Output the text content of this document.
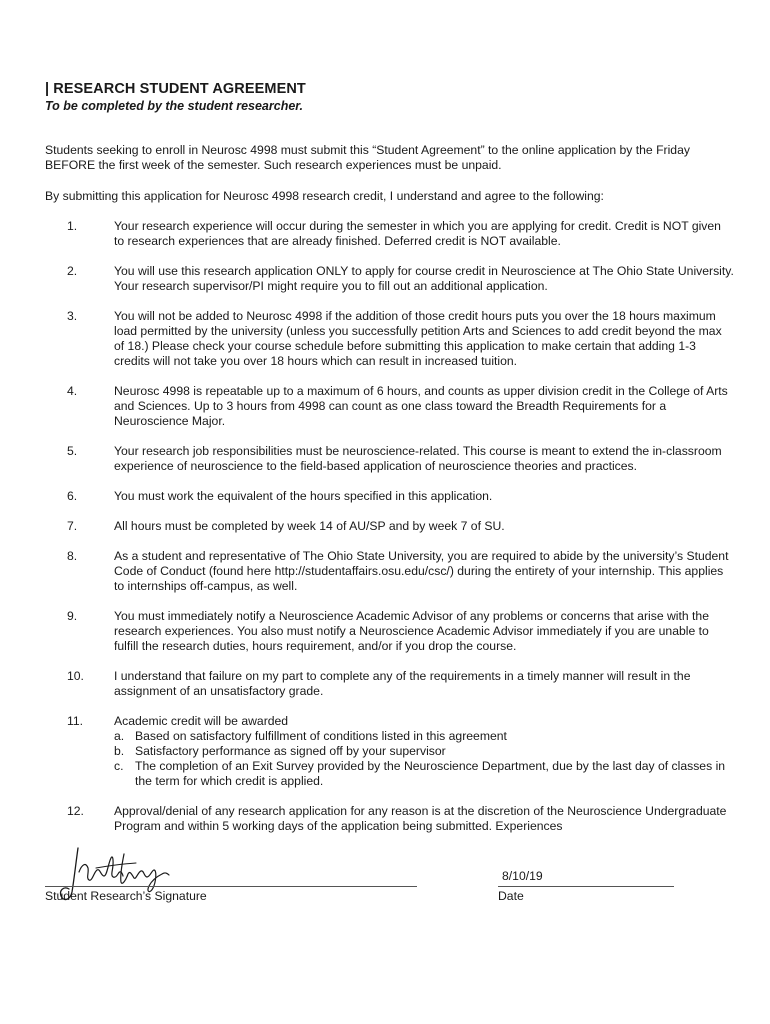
| RESEARCH STUDENT AGREEMENT
To be completed by the student researcher.
Students seeking to enroll in Neurosc 4998 must submit this “Student Agreement” to the online application by the Friday BEFORE the first week of the semester. Such research experiences must be unpaid.
By submitting this application for Neurosc 4998 research credit, I understand and agree to the following:
1.	Your research experience will occur during the semester in which you are applying for credit. Credit is NOT given to research experiences that are already finished. Deferred credit is NOT available.
2.	You will use this research application ONLY to apply for course credit in Neuroscience at The Ohio State University. Your research supervisor/PI might require you to fill out an additional application.
3.	You will not be added to Neurosc 4998 if the addition of those credit hours puts you over the 18 hours maximum load permitted by the university (unless you successfully petition Arts and Sciences to add credit beyond the max of 18.) Please check your course schedule before submitting this application to make certain that adding 1-3 credits will not take you over 18 hours which can result in increased tuition.
4.	Neurosc 4998 is repeatable up to a maximum of 6 hours, and counts as upper division credit in the College of Arts and Sciences. Up to 3 hours from 4998 can count as one class toward the Breadth Requirements for a Neuroscience Major.
5.	Your research job responsibilities must be neuroscience-related. This course is meant to extend the in-classroom experience of neuroscience to the field-based application of neuroscience theories and practices.
6.	You must work the equivalent of the hours specified in this application.
7.	All hours must be completed by week 14 of AU/SP and by week 7 of SU.
8.	As a student and representative of The Ohio State University, you are required to abide by the university’s Student Code of Conduct (found here http://studentaffairs.osu.edu/csc/) during the entirety of your internship. This applies to internships off-campus, as well.
9.	You must immediately notify a Neuroscience Academic Advisor of any problems or concerns that arise with the research experiences. You also must notify a Neuroscience Academic Advisor immediately if you are unable to fulfill the research duties, hours requirement, and/or if you drop the course.
10. I understand that failure on my part to complete any of the requirements in a timely manner will result in the assignment of an unsatisfactory grade.
11.	Academic credit will be awarded
a. Based on satisfactory fulfillment of conditions listed in this agreement
b. Satisfactory performance as signed off by your supervisor
c. The completion of an Exit Survey provided by the Neuroscience Department, due by the last day of classes in the term for which credit is applied.
12. Approval/denial of any research application for any reason is at the discretion of the Neuroscience Undergraduate Program and within 5 working days of the application being submitted. Experiences
8/10/19
Student Research’s Signature	Date
